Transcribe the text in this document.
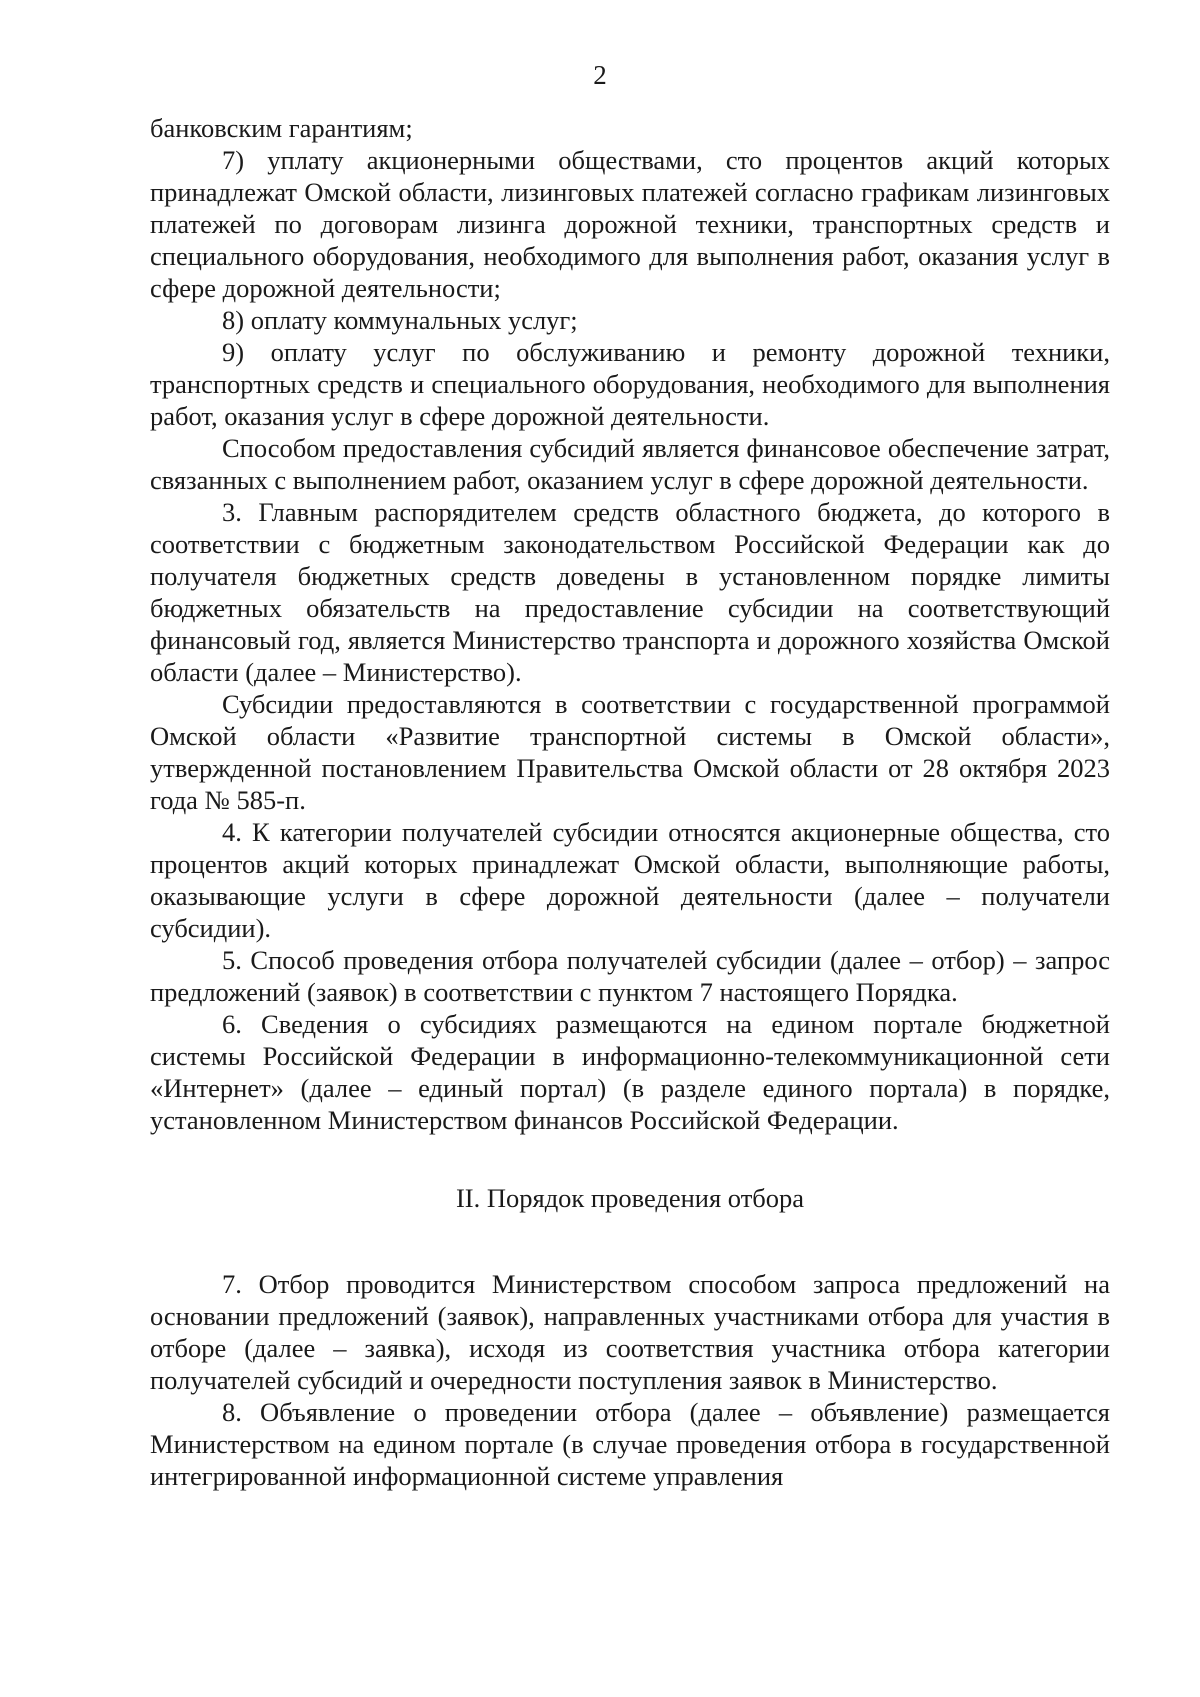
2

банковским гарантиям;

7) уплату акционерными обществами, сто процентов акций которых принадлежат Омской области, лизинговых платежей согласно графикам лизинговых платежей по договорам лизинга дорожной техники, транспортных средств и специального оборудования, необходимого для выполнения работ, оказания услуг в сфере дорожной деятельности;

8) оплату коммунальных услуг;

9) оплату услуг по обслуживанию и ремонту дорожной техники, транспортных средств и специального оборудования, необходимого для выполнения работ, оказания услуг в сфере дорожной деятельности.

Способом предоставления субсидий является финансовое обеспечение затрат, связанных с выполнением работ, оказанием услуг в сфере дорожной деятельности.

3. Главным распорядителем средств областного бюджета, до которого в соответствии с бюджетным законодательством Российской Федерации как до получателя бюджетных средств доведены в установленном порядке лимиты бюджетных обязательств на предоставление субсидии на соответствующий финансовый год, является Министерство транспорта и дорожного хозяйства Омской области (далее – Министерство).

Субсидии предоставляются в соответствии с государственной программой Омской области «Развитие транспортной системы в Омской области», утвержденной постановлением Правительства Омской области от 28 октября 2023 года № 585-п.

4. К категории получателей субсидии относятся акционерные общества, сто процентов акций которых принадлежат Омской области, выполняющие работы, оказывающие услуги в сфере дорожной деятельности (далее – получатели субсидии).

5. Способ проведения отбора получателей субсидии (далее – отбор) – запрос предложений (заявок) в соответствии с пунктом 7 настоящего Порядка.

6. Сведения о субсидиях размещаются на едином портале бюджетной системы Российской Федерации в информационно-телекоммуникационной сети «Интернет» (далее – единый портал) (в разделе единого портала) в порядке, установленном Министерством финансов Российской Федерации.

II. Порядок проведения отбора

7. Отбор проводится Министерством способом запроса предложений на основании предложений (заявок), направленных участниками отбора для участия в отборе (далее – заявка), исходя из соответствия участника отбора категории получателей субсидий и очередности поступления заявок в Министерство.

8. Объявление о проведении отбора (далее – объявление) размещается Министерством на едином портале (в случае проведения отбора в государственной интегрированной информационной системе управления
